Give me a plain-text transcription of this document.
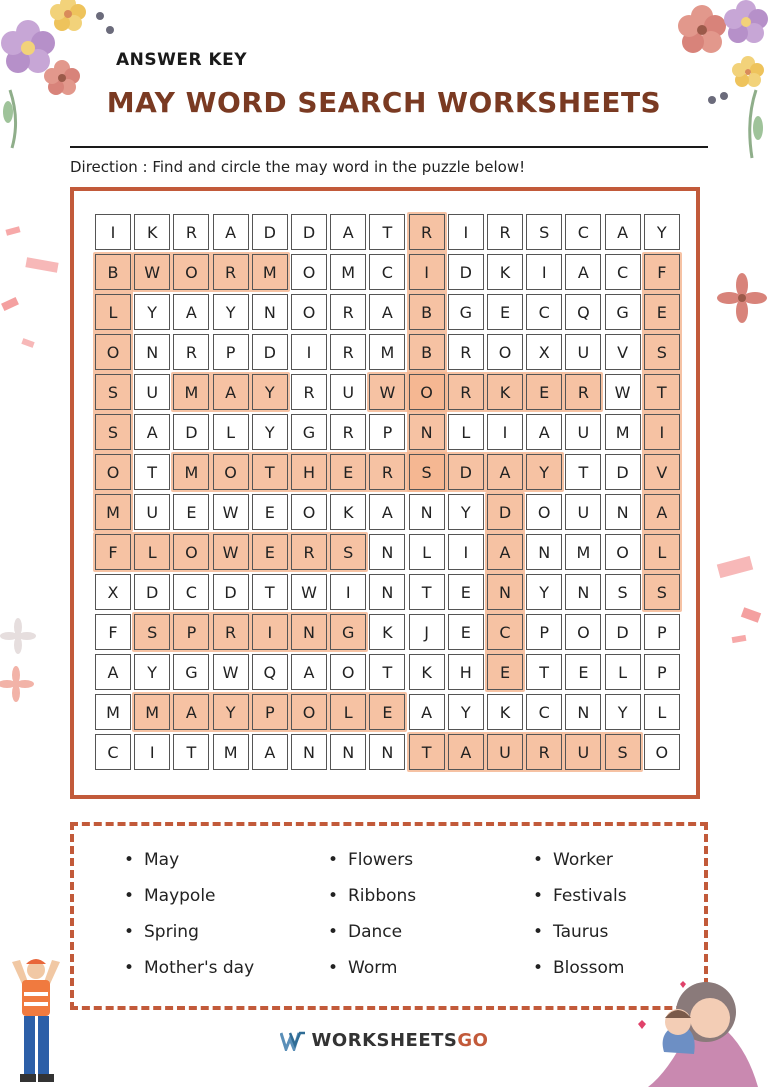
ANSWER KEY
MAY WORD SEARCH WORKSHEETS
Direction : Find and circle the may word in the puzzle below!
I	K	R	A	D	D	A	T	R	I	R	S	C	A	Y
B	W	O	R	M	O	M	C	I	D	K	I	A	C	F
L	Y	A	Y	N	O	R	A	B	G	E	C	Q	G	E
O	N	R	P	D	I	R	M	B	R	O	X	U	V	S
S	U	M	A	Y	R	U	W	O	R	K	E	R	W	T
S	A	D	L	Y	G	R	P	N	L	I	A	U	M	I
O	T	M	O	T	H	E	R	S	D	A	Y	T	D	V
M	U	E	W	E	O	K	A	N	Y	D	O	U	N	A
F	L	O	W	E	R	S	N	L	I	A	N	M	O	L
X	D	C	D	T	W	I	N	T	E	N	Y	N	S	S
F	S	P	R	I	N	G	K	J	E	C	P	O	D	P
A	Y	G	W	Q	A	O	T	K	H	E	T	E	L	P
M	M	A	Y	P	O	L	E	A	Y	K	C	N	Y	L
C	I	T	M	A	N	N	N	T	A	U	R	U	S	O
• May
• Maypole
• Spring
• Mother's day
• Flowers
• Ribbons
• Dance
• Worm
• Worker
• Festivals
• Taurus
• Blossom
WORKSHEETSGO
